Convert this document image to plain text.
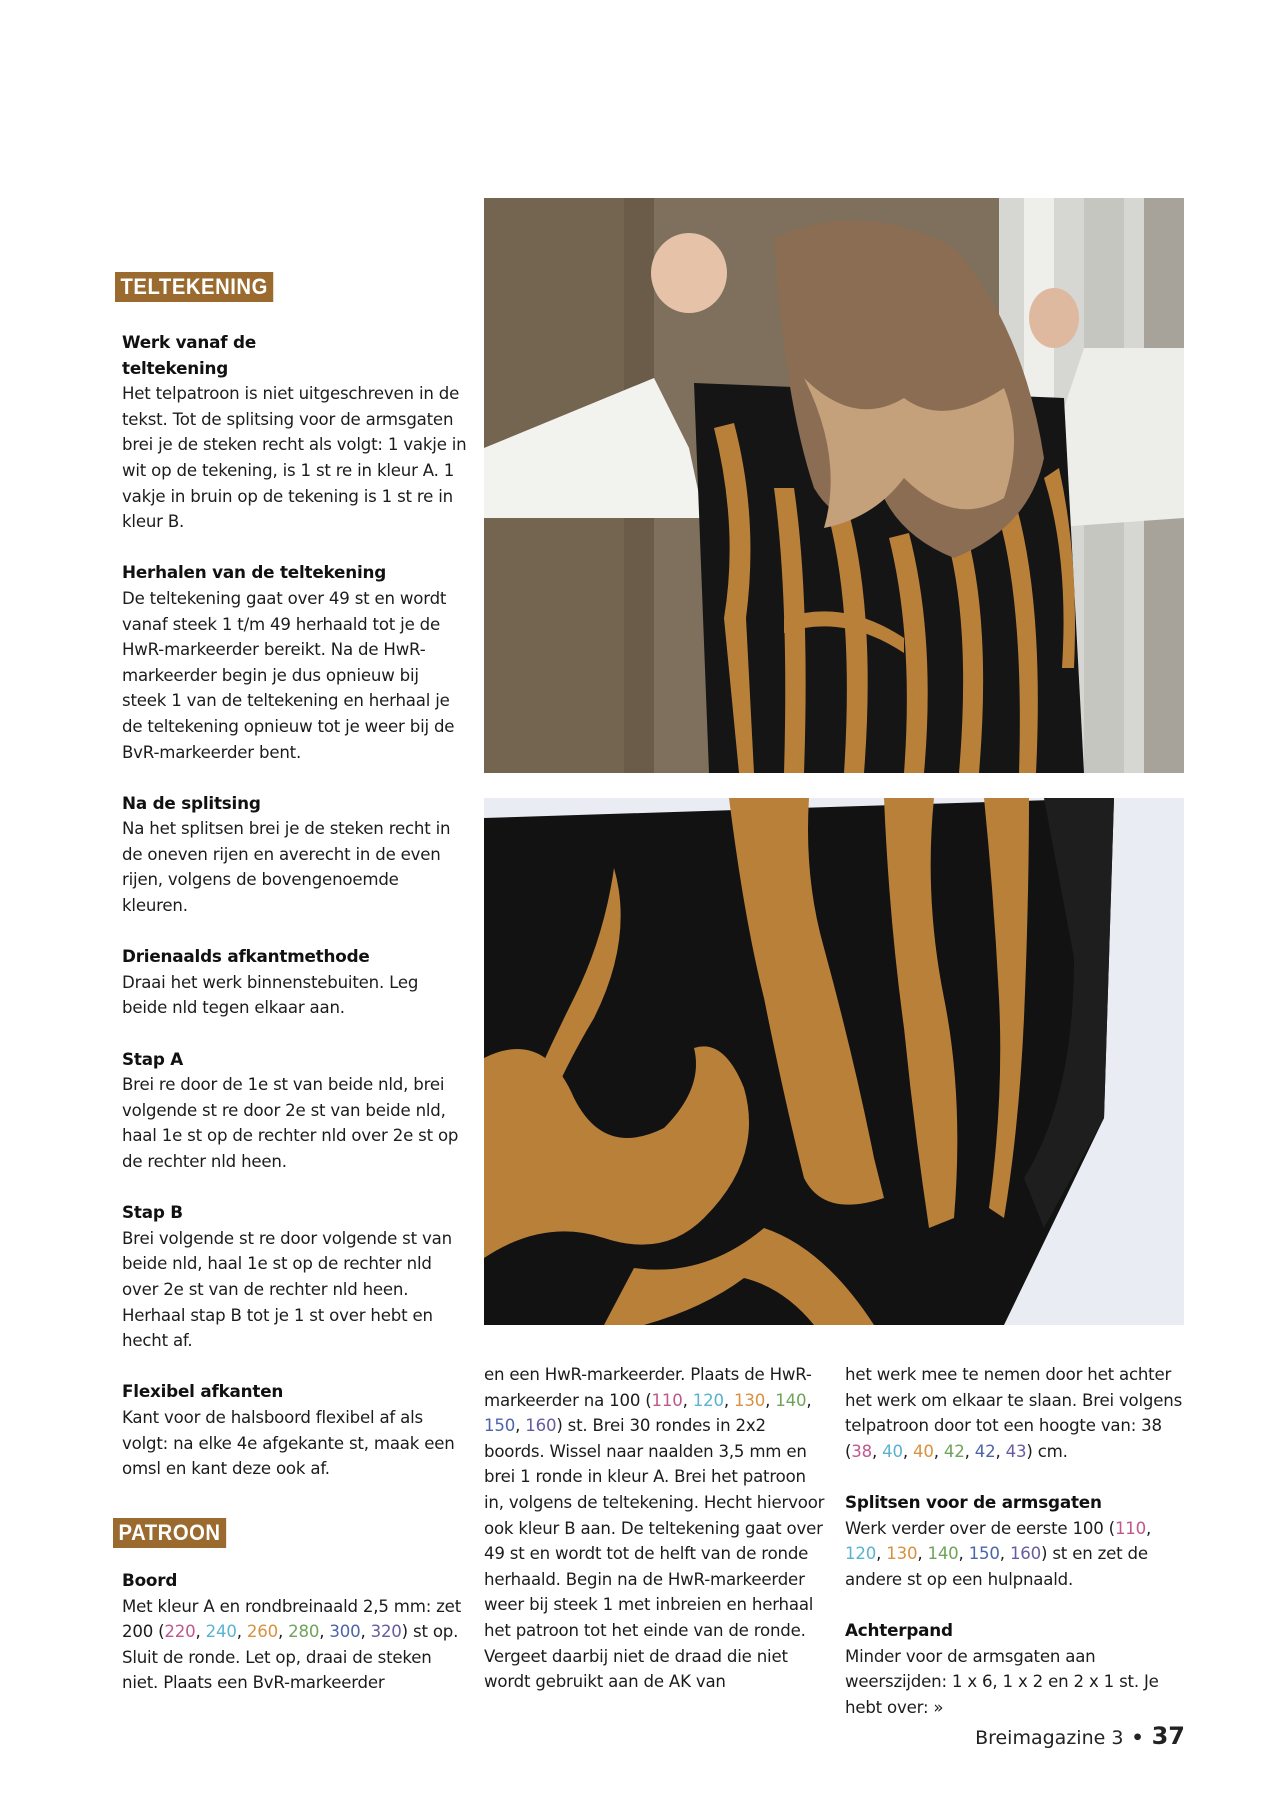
TELTEKENING
Werk vanaf de teltekening

Het telpatroon is niet uitgeschreven in de tekst. Tot de splitsing voor de armsgaten brei je de steken recht als volgt: 1 vakje in wit op de tekening, is 1 st re in kleur A. 1 vakje in bruin op de tekening is 1 st re in kleur B.

Herhalen van de teltekening

De teltekening gaat over 49 st en wordt vanaf steek 1 t/m 49 herhaald tot je de HwR-markeerder bereikt. Na de HwR-markeerder begin je dus opnieuw bij steek 1 van de teltekening en herhaal je de teltekening opnieuw tot je weer bij de BvR-markeerder bent.

Na de splitsing

Na het splitsen brei je de steken recht in de oneven rijen en averecht in de even rijen, volgens de bovengenoemde kleuren.

Drienaalds afkantmethode

Draai het werk binnenstebuiten. Leg beide nld tegen elkaar aan.

Stap A

Brei re door de 1e st van beide nld, brei volgende st re door 2e st van beide nld, haal 1e st op de rechter nld over 2e st op de rechter nld heen.

Stap B

Brei volgende st re door volgende st van beide nld, haal 1e st op de rechter nld over 2e st van de rechter nld heen. Herhaal stap B tot je 1 st over hebt en hecht af.

Flexibel afkanten

Kant voor de halsboord flexibel af als volgt: na elke 4e afgekante st, maak een omsl en kant deze ook af.

PATROON
Boord

Met kleur A en rondbreinaald 2,5 mm: zet 200 (220, 240, 260, 280, 300, 320) st op. Sluit de ronde. Let op, draai de steken niet. Plaats een BvR-markeerder

en een HwR-markeerder. Plaats de HwR-markeerder na 100 (110, 120, 130, 140, 150, 160) st. Brei 30 rondes in 2x2 boords. Wissel naar naalden 3,5 mm en brei 1 ronde in kleur A. Brei het patroon in, volgens de teltekening. Hecht hiervoor ook kleur B aan. De teltekening gaat over 49 st en wordt tot de helft van de ronde herhaald. Begin na de HwR-markeerder weer bij steek 1 met inbreien en herhaal het patroon tot het einde van de ronde. Vergeet daarbij niet de draad die niet wordt gebruikt aan de AK van

het werk mee te nemen door het achter het werk om elkaar te slaan. Brei volgens telpatroon door tot een hoogte van: 38 (38, 40, 40, 42, 42, 43) cm.

Splitsen voor de armsgaten

Werk verder over de eerste 100 (110, 120, 130, 140, 150, 160) st en zet de andere st op een hulpnaald.

Achterpand

Minder voor de armsgaten aan weerszijden: 1 x 6, 1 x 2 en 2 x 1 st. Je hebt over: »

Breimagazine 3 • 37
